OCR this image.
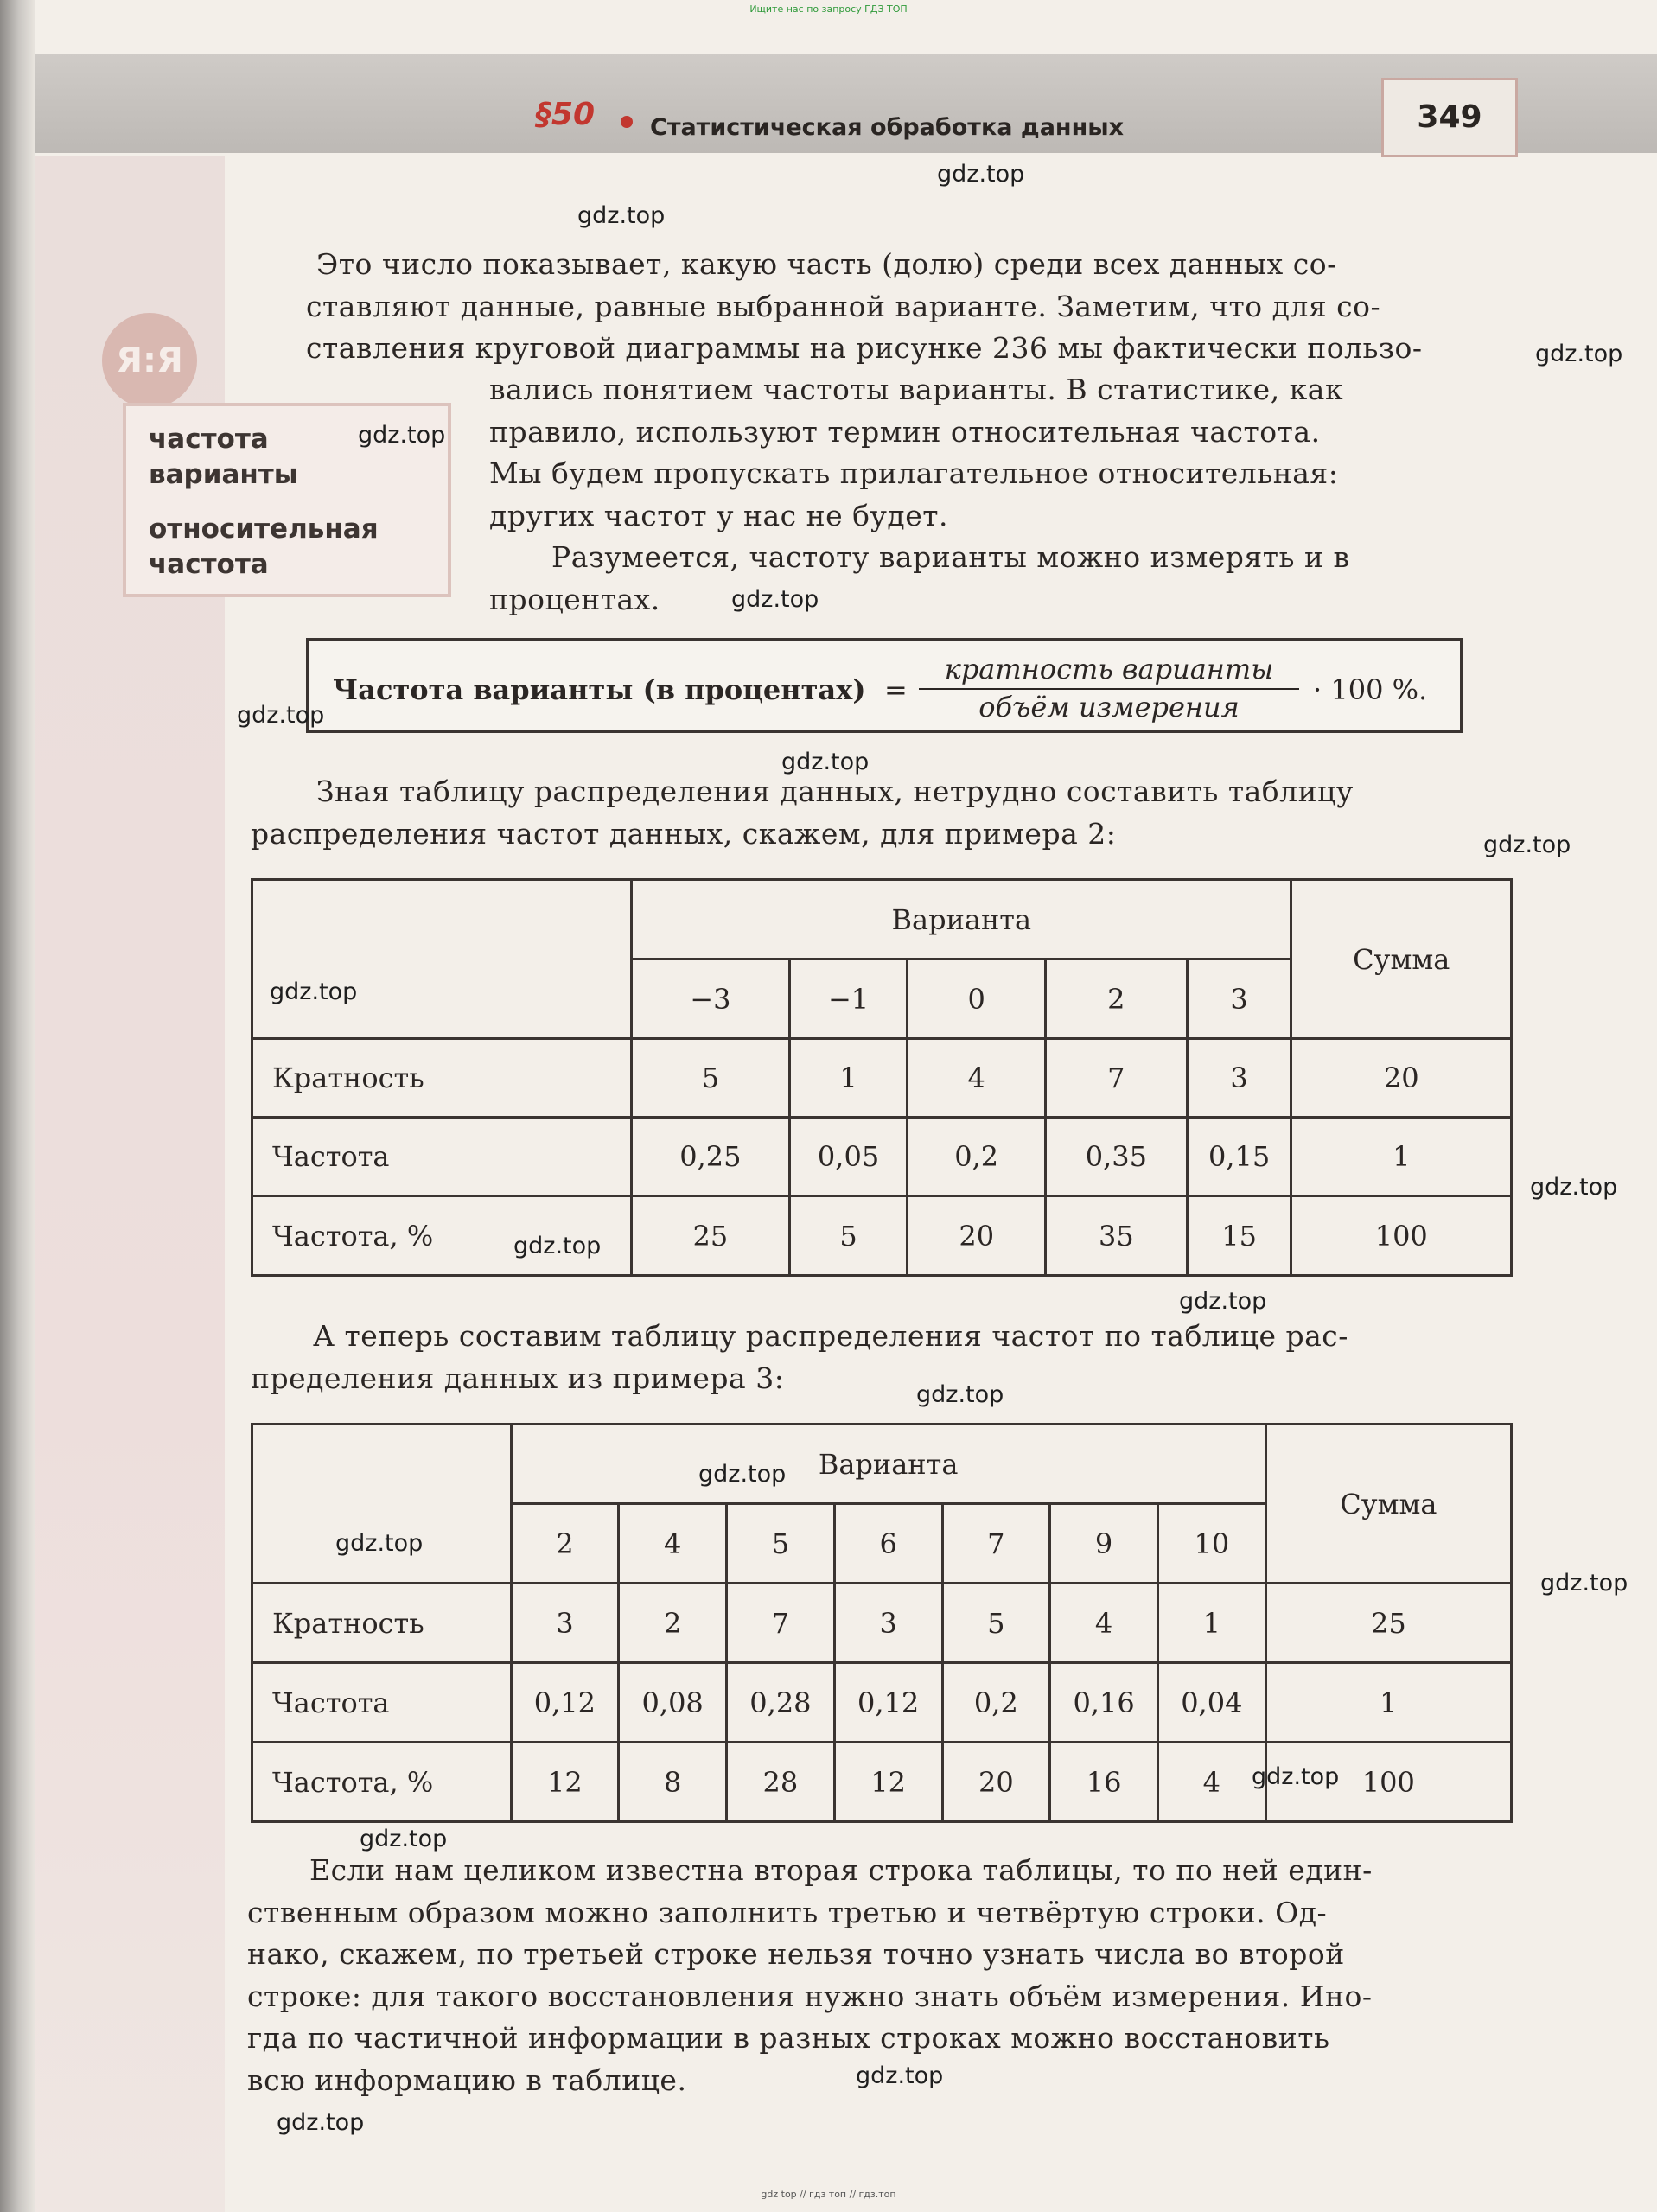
Ищите нас по запросу ГДЗ ТОП
§50 Статистическая обработка данных	349
Я:Я
частота варианты
относительная частота
Это число показывает, какую часть (долю) среди всех данных со-
ставляют данные, равные выбранной варианте. Заметим, что для со-
ставления круговой диаграммы на рисунке 236 мы фактически пользо-
вались понятием частоты варианты. В статистике, как
правило, используют термин относительная частота.
Мы будем пропускать прилагательное относительная:
других частот у нас не будет.
Разумеется, частоту варианты можно измерять и в
процентах.
Частота варианты (в процентах) =
кратность варианты
объём измерения
· 100 %.
Зная таблицу распределения данных, нетрудно составить таблицу
распределения частот данных, скажем, для примера 2:
	Варианта					Сумма
	−3	−1	0	2	3	
Кратность	5	1	4	7	3	20
Частота	0,25	0,05	0,2	0,35	0,15	1
Частота, %	25	5	20	35	15	100
А теперь составим таблицу распределения частот по таблице рас-
пределения данных из примера 3:
	Варианта							Сумма
	2	4	5	6	7	9	10	
Кратность	3	2	7	3	5	4	1	25
Частота	0,12	0,08	0,28	0,12	0,2	0,16	0,04	1
Частота, %	12	8	28	12	20	16	4	100
Если нам целиком известна вторая строка таблицы, то по ней един-
ственным образом можно заполнить третью и четвёртую строки. Од-
нако, скажем, по третьей строке нельзя точно узнать числа во второй
строке: для такого восстановления нужно знать объём измерения. Ино-
гда по частичной информации в разных строках можно восстановить
всю информацию в таблице.
gdz.top
gdz.top
gdz.top
gdz.top
gdz.top
gdz.top
gdz.top
gdz.top
gdz.top
gdz.top
gdz.top
gdz.top
gdz.top
gdz.top
gdz.top
gdz.top
gdz.top
gdz.top
gdz.top
gdz.top
gdz top // гдз топ // гдз.топ
